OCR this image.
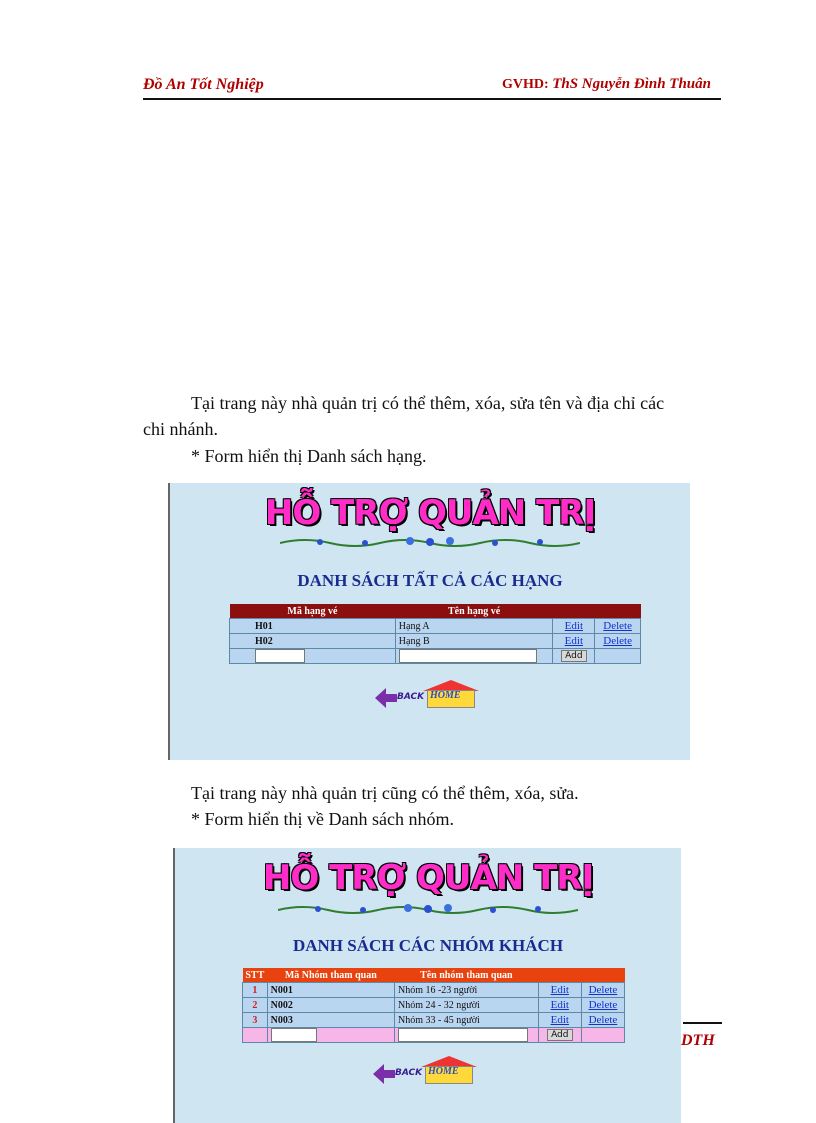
Đồ An Tốt Nghiệp	GVHD: ThS Nguyễn Đình Thuân
Tại trang này nhà quản trị có thể thêm, xóa, sửa tên và địa chỉ các
chi nhánh.
* Form hiển thị Danh sách hạng.
HỖ TRỢ QUẢN TRỊ
DANH SÁCH TẤT CẢ CÁC HẠNG
Mã hạng vé	Tên hạng vé		
H01	Hạng A	Edit	Delete
H02	Hạng B	Edit	Delete
		Add	
BACK HOME
Tại trang này nhà quản trị cũng có thể thêm, xóa, sửa.
* Form hiển thị về Danh sách nhóm.
HỖ TRỢ QUẢN TRỊ
DANH SÁCH CÁC NHÓM KHÁCH
STT	Mã Nhóm tham quan	Tên nhóm tham quan		
1	N001	Nhóm 16 -23 người	Edit	Delete
2	N002	Nhóm 24 - 32 người	Edit	Delete
3	N003	Nhóm 33 - 45 người	Edit	Delete
			Add	
BACK HOME
DTH
